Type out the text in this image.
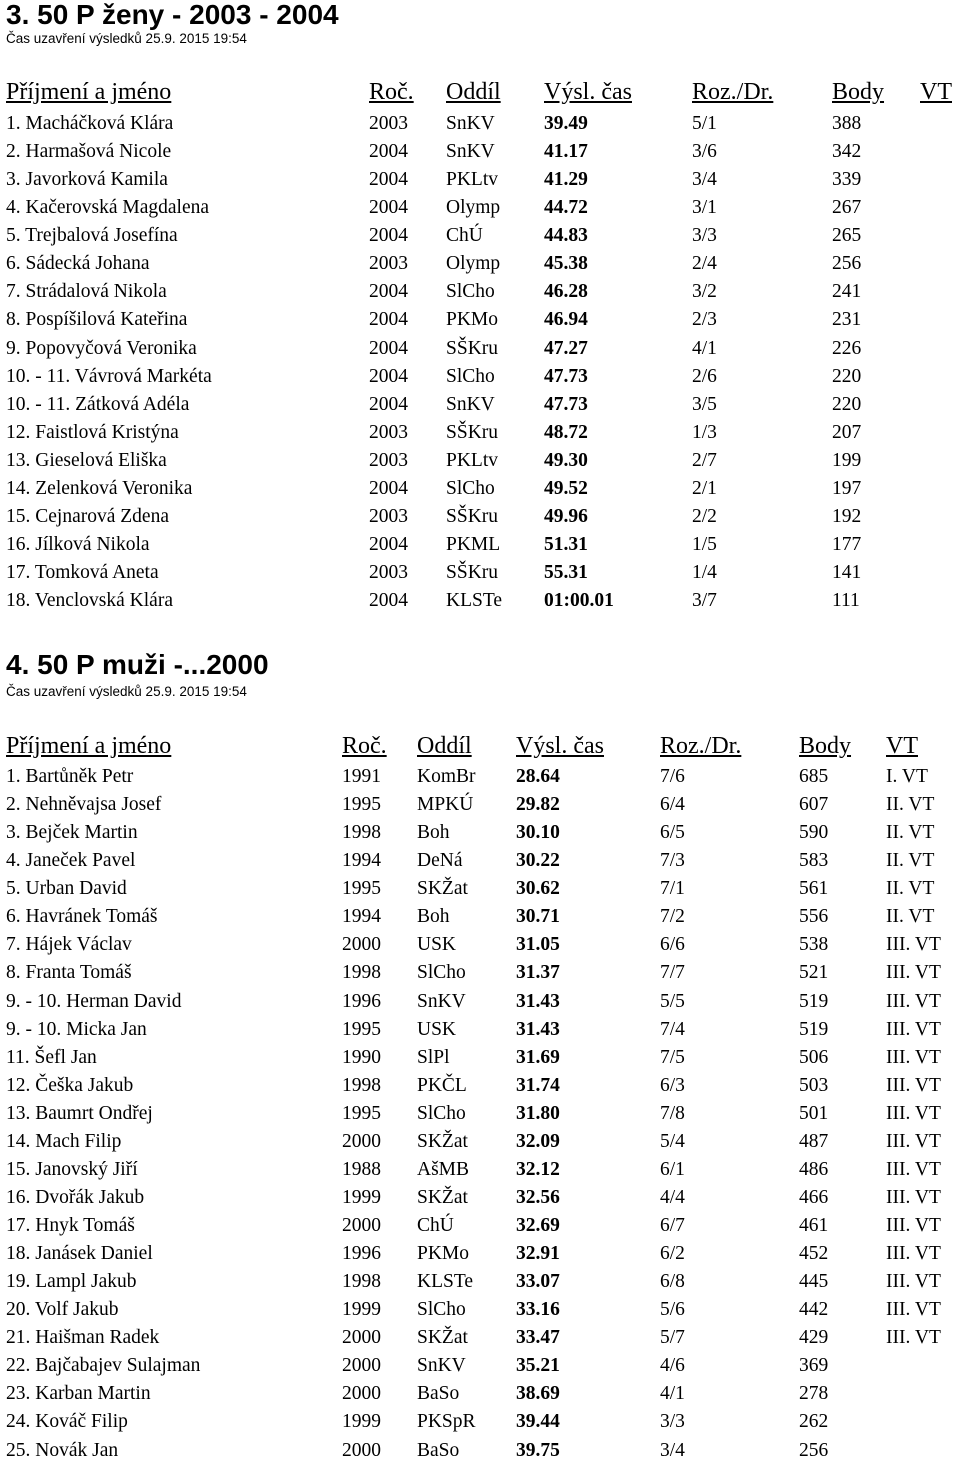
3. 50 P ženy - 2003 - 2004
Čas uzavření výsledků 25.9. 2015 19:54
Příjmení a jméno	Roč. Oddíl Výsl. čas	Roz./Dr. Body VT
1. Macháčková Klára	2003 SnKV	39.49	5/1	388
2. Harmašová Nicole	2004 SnKV	41.17	3/6	342
3. Javorková Kamila	2004 PKLtv 41.29	3/4	339
4. Kačerovská Magdalena	2004 Olymp 44.72	3/1	267
5. Trejbalová Josefína	2004 ChÚ	44.83	3/3	265
6. Sádecká Johana	2003 Olymp 45.38	2/4	256
7. Strádalová Nikola	2004 SlCho	46.28	3/2	241
8. Pospíšilová Kateřina	2004 PKMo 46.94	2/3	231
9. Popovyčová Veronika	2004 SŠKru 47.27	4/1	226
10. - 11. Vávrová Markéta	2004 SlCho	47.73	2/6	220
10. - 11. Zátková Adéla	2004 SnKV	47.73	3/5	220
12. Faistlová Kristýna	2003 SŠKru 48.72	1/3	207
13. Gieselová Eliška	2003 PKLtv 49.30	2/7	199
14. Zelenková Veronika	2004 SlCho	49.52	2/1	197
15. Cejnarová Zdena	2003 SŠKru 49.96	2/2	192
16. Jílková Nikola	2004 PKML 51.31	1/5	177
17. Tomková Aneta	2003 SŠKru 55.31	1/4	141
18. Venclovská Klára	2004 KLSTe 01:00.01	3/7	111
4. 50 P muži -...2000
Čas uzavření výsledků 25.9. 2015 19:54
Příjmení a jméno	Roč. Oddíl Výsl. čas Roz./Dr. Body VT
1. Bartůněk Petr	1991 KomBr 28.64	7/6	685	I. VT
2. Nehněvajsa Josef	1995 MPKÚ 29.82	6/4	607	II. VT
3. Bejček Martin	1998 Boh	30.10	6/5	590	II. VT
4. Janeček Pavel	1994 DeNá	30.22	7/3	583	II. VT
5. Urban David	1995 SKŽat 30.62	7/1	561	II. VT
6. Havránek Tomáš	1994 Boh	30.71	7/2	556	II. VT
7. Hájek Václav	2000 USK	31.05	6/6	538	III. VT
8. Franta Tomáš	1998 SlCho	31.37	7/7	521	III. VT
9. - 10. Herman David	1996 SnKV	31.43	5/5	519	III. VT
9. - 10. Micka Jan	1995 USK	31.43	7/4	519	III. VT
11. Šefl Jan	1990 SlPl	31.69	7/5	506	III. VT
12. Češka Jakub	1998 PKČL	31.74	6/3	503	III. VT
13. Baumrt Ondřej	1995 SlCho	31.80	7/8	501	III. VT
14. Mach Filip	2000 SKŽat 32.09	5/4	487	III. VT
15. Janovský Jiří	1988 AšMB 32.12	6/1	486	III. VT
16. Dvořák Jakub	1999 SKŽat 32.56	4/4	466	III. VT
17. Hnyk Tomáš	2000 ChÚ	32.69	6/7	461	III. VT
18. Janásek Daniel	1996 PKMo 32.91	6/2	452	III. VT
19. Lampl Jakub	1998 KLSTe 33.07	6/8	445	III. VT
20. Volf Jakub	1999 SlCho	33.16	5/6	442	III. VT
21. Haišman Radek	2000 SKŽat 33.47	5/7	429	III. VT
22. Bajčabajev Sulajman	2000 SnKV	35.21	4/6	369
23. Karban Martin	2000 BaSo	38.69	4/1	278
24. Kováč Filip	1999 PKSpR 39.44	3/3	262
25. Novák Jan	2000 BaSo	39.75	3/4	256
